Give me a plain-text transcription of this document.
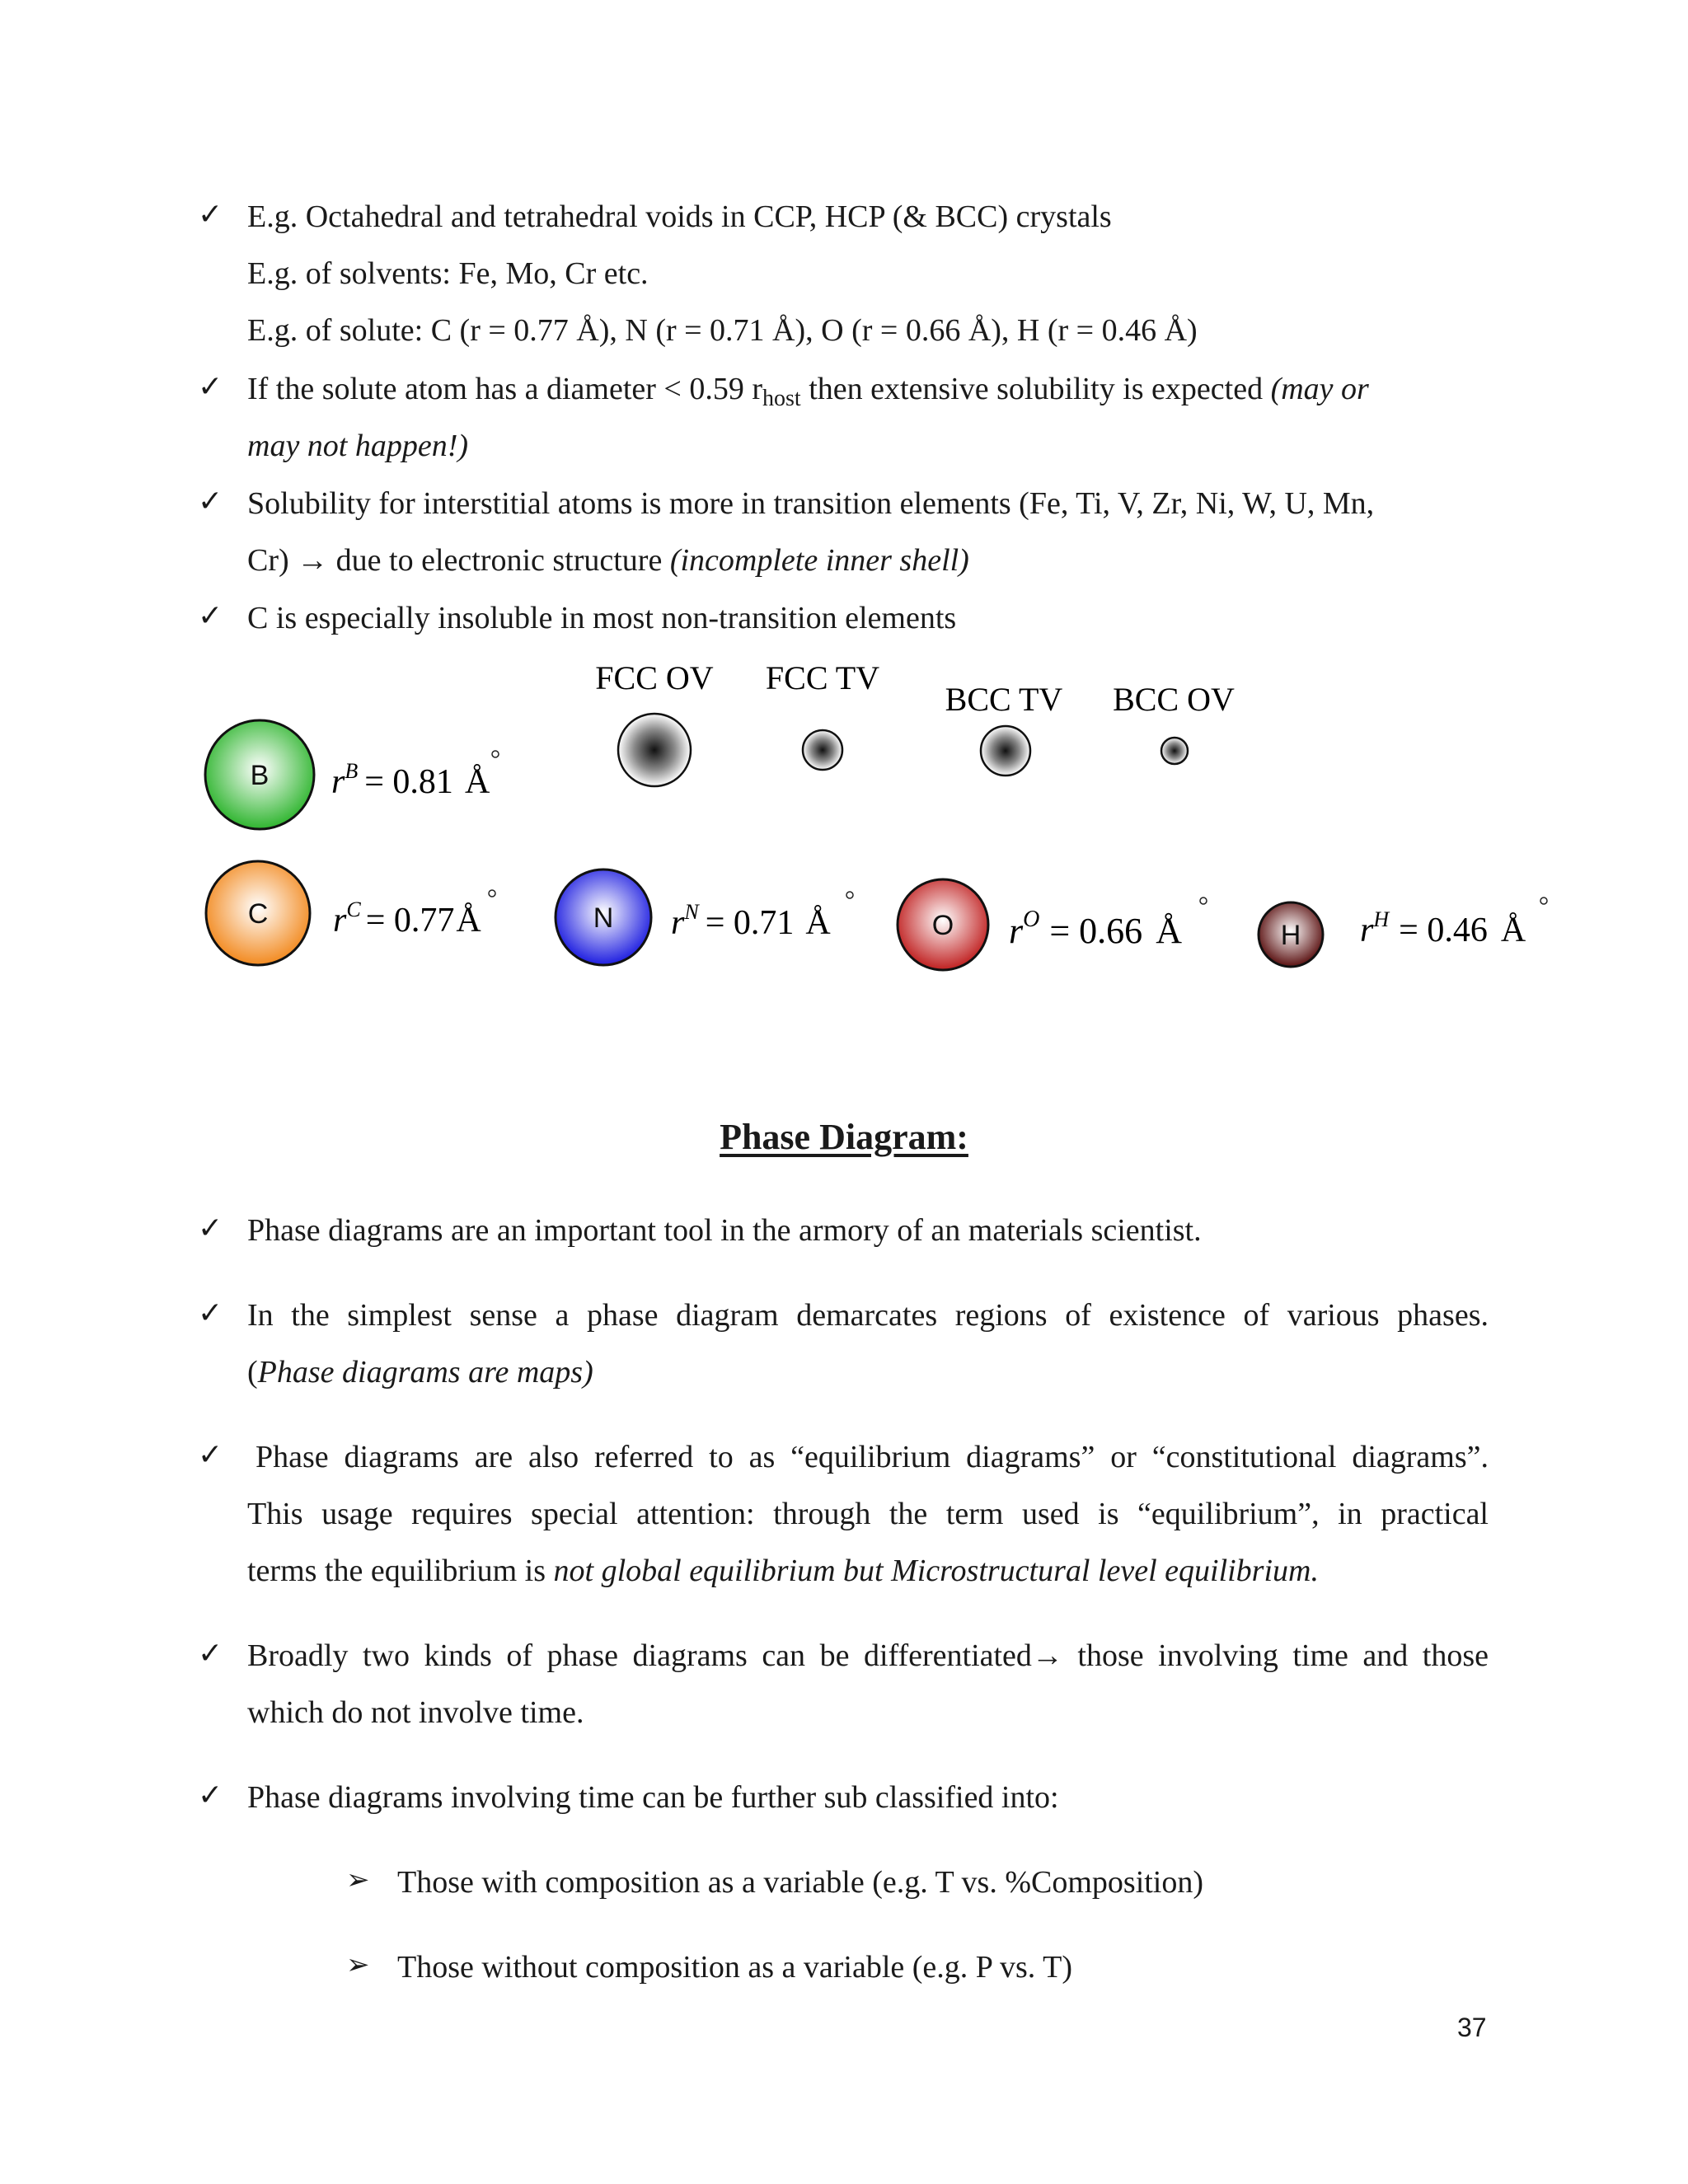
✓ E.g. Octahedral and tetrahedral voids in CCP, HCP (& BCC) crystals
E.g. of solvents: Fe, Mo, Cr etc.
E.g. of solute: C (r = 0.77 Å), N (r = 0.71 Å), O (r = 0.66 Å), H (r = 0.46 Å)
✓ If the solute atom has a diameter < 0.59 $r_{host}$ then extensive solubility is expected (may or
may not happen!)
✓ Solubility for interstitial atoms is more in transition elements (Fe, Ti, V, Zr, Ni, W, U, Mn,
Cr) → due to electronic structure (incomplete inner shell)
✓ C is especially insoluble in most non-transition elements
FCC OV FCC TV
BCC TV BCC OV
B $r^B = 0.81$ Å
C $r^C$ = 0.77Å	N $r^N = 0.71$ Å	O $r^O = 0.66$ Å	H $r^H = 0.46$ Å
Phase Diagram:
✓ Phase diagrams are an important tool in the armory of an materials scientist.
✓ In the simplest sense a phase diagram demarcates regions of existence of various phases.
(Phase diagrams are maps)
✓ Phase diagrams are also referred to as “equilibrium diagrams” or “constitutional diagrams”.
This usage requires special attention: through the term used is “equilibrium”, in practical
terms the equilibrium is not global equilibrium but Microstructural level equilibrium.
✓ Broadly two kinds of phase diagrams can be differentiated→ those involving time and those
which do not involve time.
✓ Phase diagrams involving time can be further sub classified into:
➢ Those with composition as a variable (e.g. T vs. %Composition)
➢ Those without composition as a variable (e.g. P vs. T)
37
